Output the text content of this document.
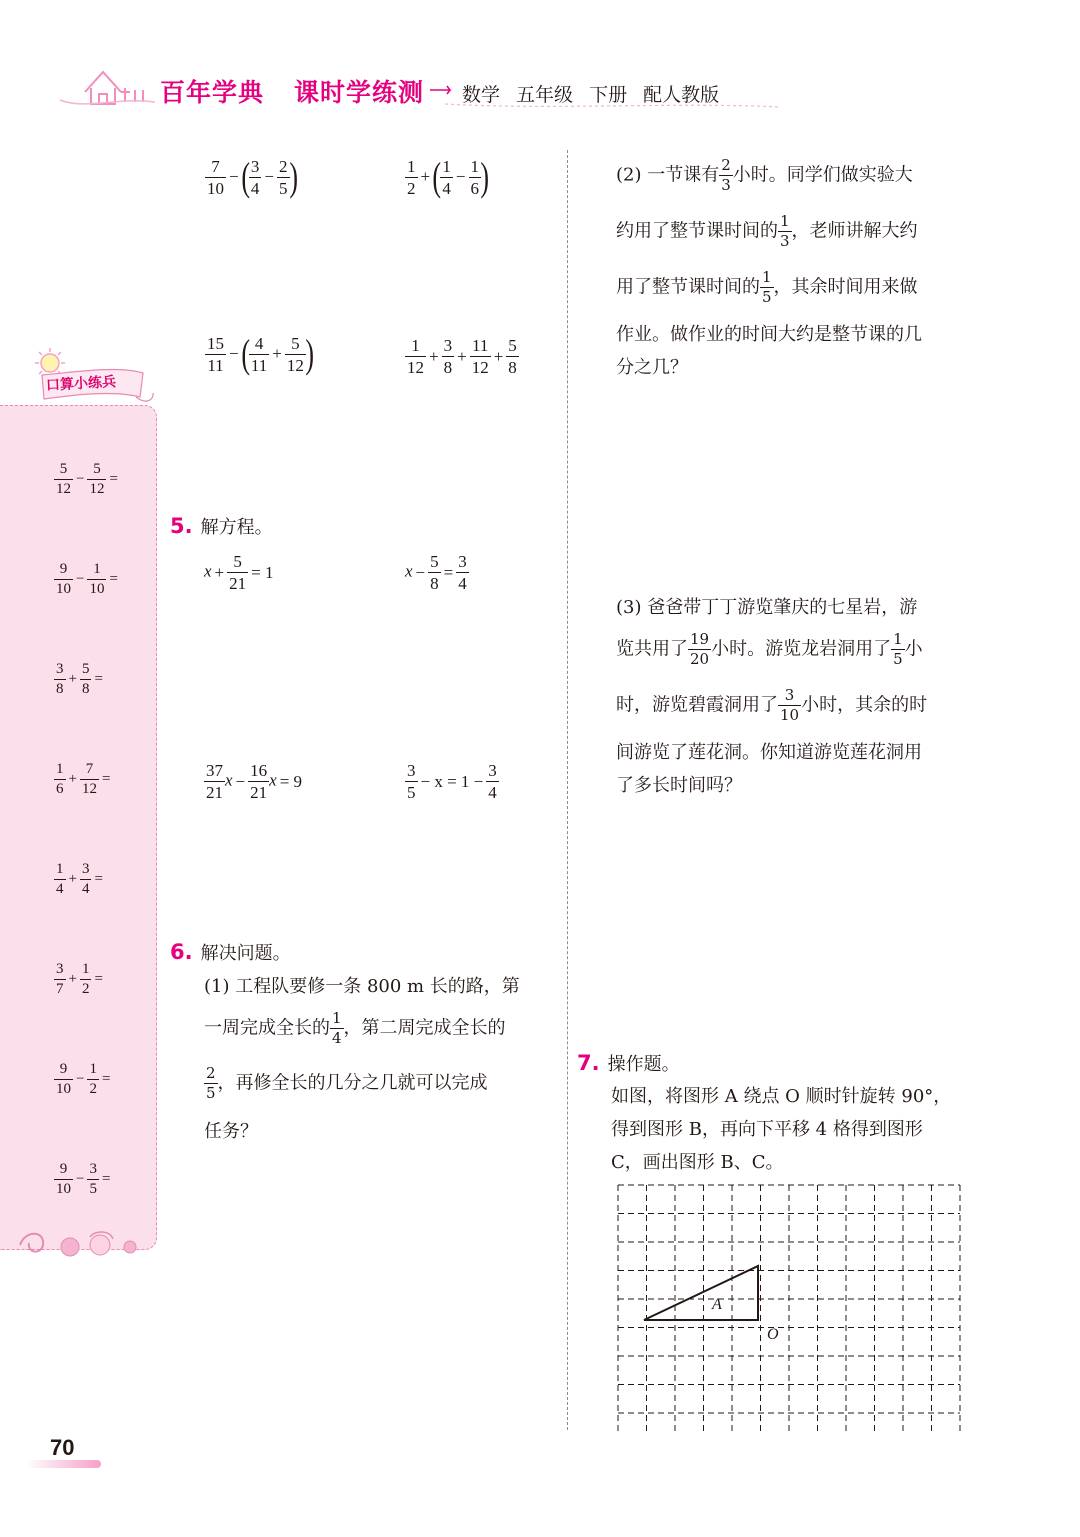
百年学典 课时学练测 数学 五年级 下册 配人教版
口算小练兵
$\frac{5}{12} - \frac{5}{12}$ =
$\frac{9}{10} - \frac{1}{10}$ =
$\frac{3}{8} + \frac{5}{8}$ =
$\frac{1}{6} + \frac{7}{12}$ =
$\frac{1}{4} + \frac{3}{4}$ =
$\frac{3}{7} + \frac{1}{2}$ =
$\frac{9}{10} - \frac{1}{2}$ =
$\frac{9}{10} - \frac{3}{5}$ =
$\frac{7}{10}$ −( $\frac{3}{4} - \frac{2}{5}$ )	$\frac{1}{2}$ +( $\frac{1}{4} - \frac{1}{6}$ )
$\frac{15}{11}$ −( $\frac{4}{11} + \frac{5}{12}$ )	$\frac{1}{12} + \frac{3}{8} + \frac{11}{12} + \frac{5}{8}$
5. 解方程。
$x + \frac{5}{21} = 1$	$x - \frac{5}{8} = \frac{3}{4}$
$\frac{37}{21}$ $x - \frac{16}{21}$ x = 9	$\frac{3}{5} - x = 1 - \frac{3}{4}$
6. 解决问题。
(1) 工程队要修一条 800 m 长的路，第
一周完成全长的 $\frac{1}{4}$ ，第二周完成全长的
$\frac{2}{5}$ ，再修全长的几分之几就可以完成
任务？
(2) 一节课有 $\frac{2}{3}$ 小时。同学们做实验大
约用了整节课时间的 $\frac{1}{3}$ ，老师讲解大约
用了整节课时间的 $\frac{1}{5}$ ，其余时间用来做
作业。做作业的时间大约是整节课的几
分之几？
(3) 爸爸带丁丁游览肇庆的七星岩，游
览共用了 $\frac{19}{20}$ 小时。游览龙岩洞用了 $\frac{1}{5}$ 小
时，游览碧霞洞用了 $\frac{3}{10}$ 小时，其余的时
间游览了莲花洞。你知道游览莲花洞用
了多长时间吗？
7. 操作题。
如图，将图形 A 绕点 O 顺时针旋转 90°，
得到图形 B，再向下平移 4 格得到图形
C，画出图形 B、C。
A
O
70
